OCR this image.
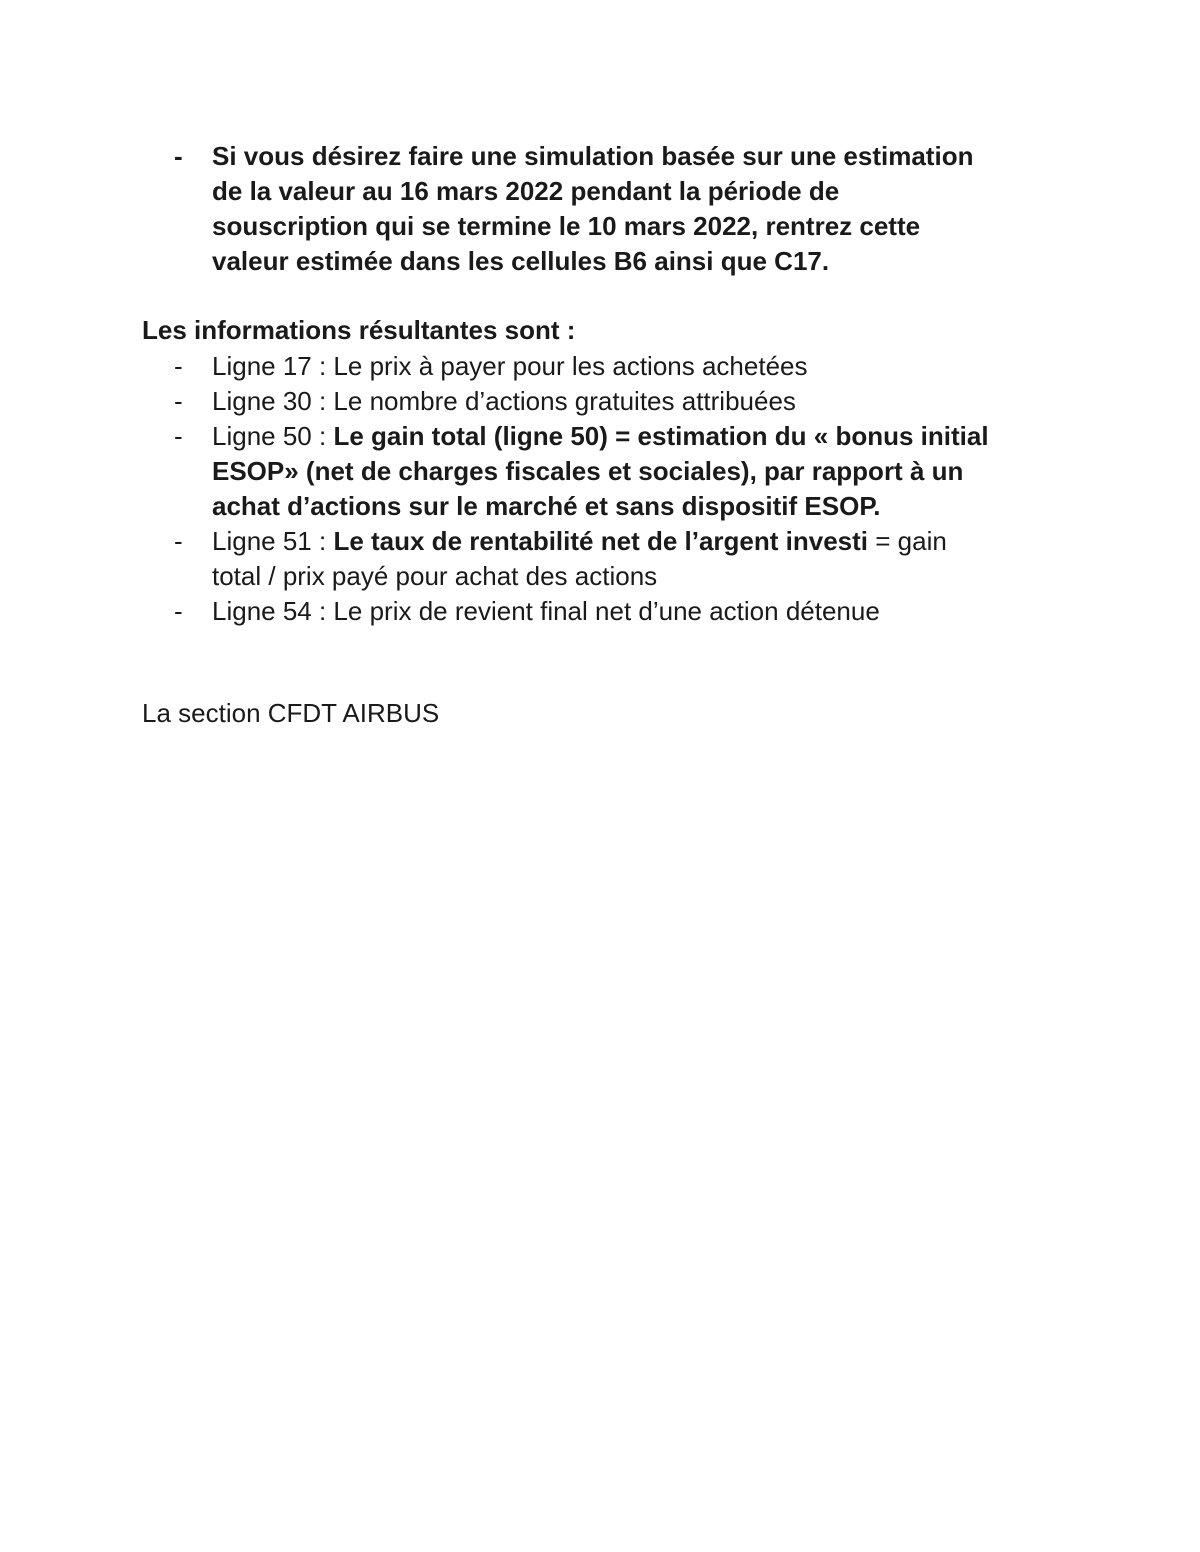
-	Si vous désirez faire une simulation basée sur une estimation
de la valeur au 16 mars 2022 pendant la période de
souscription qui se termine le 10 mars 2022, rentrez cette
valeur estimée dans les cellules B6 ainsi que C17.
Les informations résultantes sont :
-	Ligne 17 : Le prix à payer pour les actions achetées
-	Ligne 30 : Le nombre d’actions gratuites attribuées
-	Ligne 50 : Le gain total (ligne 50) = estimation du « bonus initial
ESOP» (net de charges fiscales et sociales), par rapport à un
achat d’actions sur le marché et sans dispositif ESOP.
-	Ligne 51 : Le taux de rentabilité net de l’argent investi = gain
total / prix payé pour achat des actions
-	Ligne 54 : Le prix de revient final net d’une action détenue
La section CFDT AIRBUS
